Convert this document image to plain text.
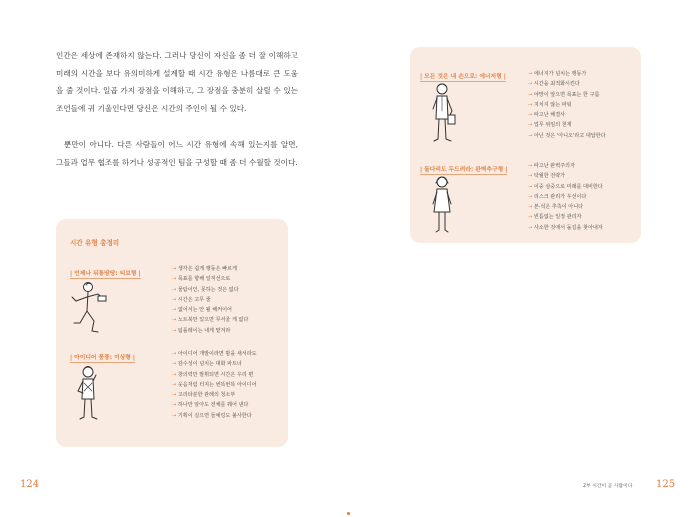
인간은 세상에 존재하지 않는다. 그러나 당신이 자신을 좀 더 잘 이해하고 미래의 시간을 보다 유의미하게 설계할 때 시간 유형은 나름대로 큰 도움을 줄 것이다. 일곱 가지 장점을 이해하고, 그 장점을 충분히 살릴 수 있는 조언들에 귀 기울인다면 당신은 시간의 주인이 될 수 있다.

뿐만이 아니다. 다른 사람들이 어느 시간 유형에 속해 있는지를 알면, 그들과 업무 협조를 하거나 성공적인 팀을 구성할 때 좀 더 수월할 것이다.

시간 유형 총정리

| 언제나 뒤통땅땅: 티보형 |
→ 생각은 쉽게 행동은 빠르게
→ 목표를 향해 일직선으로
→ 물탐이인, 못하는 것은 없다
→ 시간은 고무 줄
→ 없어서는 안 될 해커이어
→ 노트북만 있으면 무서울 게 없다
→ 팀플레이는 내게 맡겨라
| 아이디어 풍풍: 이상형 |
→ 아이디어 개발이라면 밤을 새서라도
→ 감수성이 넘치는 대화 파트너
→ 창의력만 발휘되면 시간은 우리 편
→ 웃음처럼 터지는 번뜩번뜩 아이디어
→ 고리타분한 관례의 청소부
→ 하나만 알아도 전체를 꿰어 낸다
→ 기획이 실으면 들예링도 불사한다
124
| 모든 것은 내 손으로: 에너저형 |
→	에너지가 넘치는 행동가
→ 시간을 최적화시킨다
→ 야망이 앞으면 목표는 한 구름
→ 지치지 않는 파워
→ 따고난 해결사
→ 업무 위임의 천재
→ 아닌 것은 '아니오'라고 대답한다
| 돌다리도 두드려라: 완벽추구형 |
→ 따고난 완벽주의자
→ 탁월한 전략가
→ 이중 삼중으로 미래를 대비한다
→ 리스크 관리가 우선이다
→ 본·석은 추측이 아니다
→ 빈틈없는 일정 관리자
→ 사소한 것에서 돌길을 찾아내자
2부 시간이 곧 사람이다 125
